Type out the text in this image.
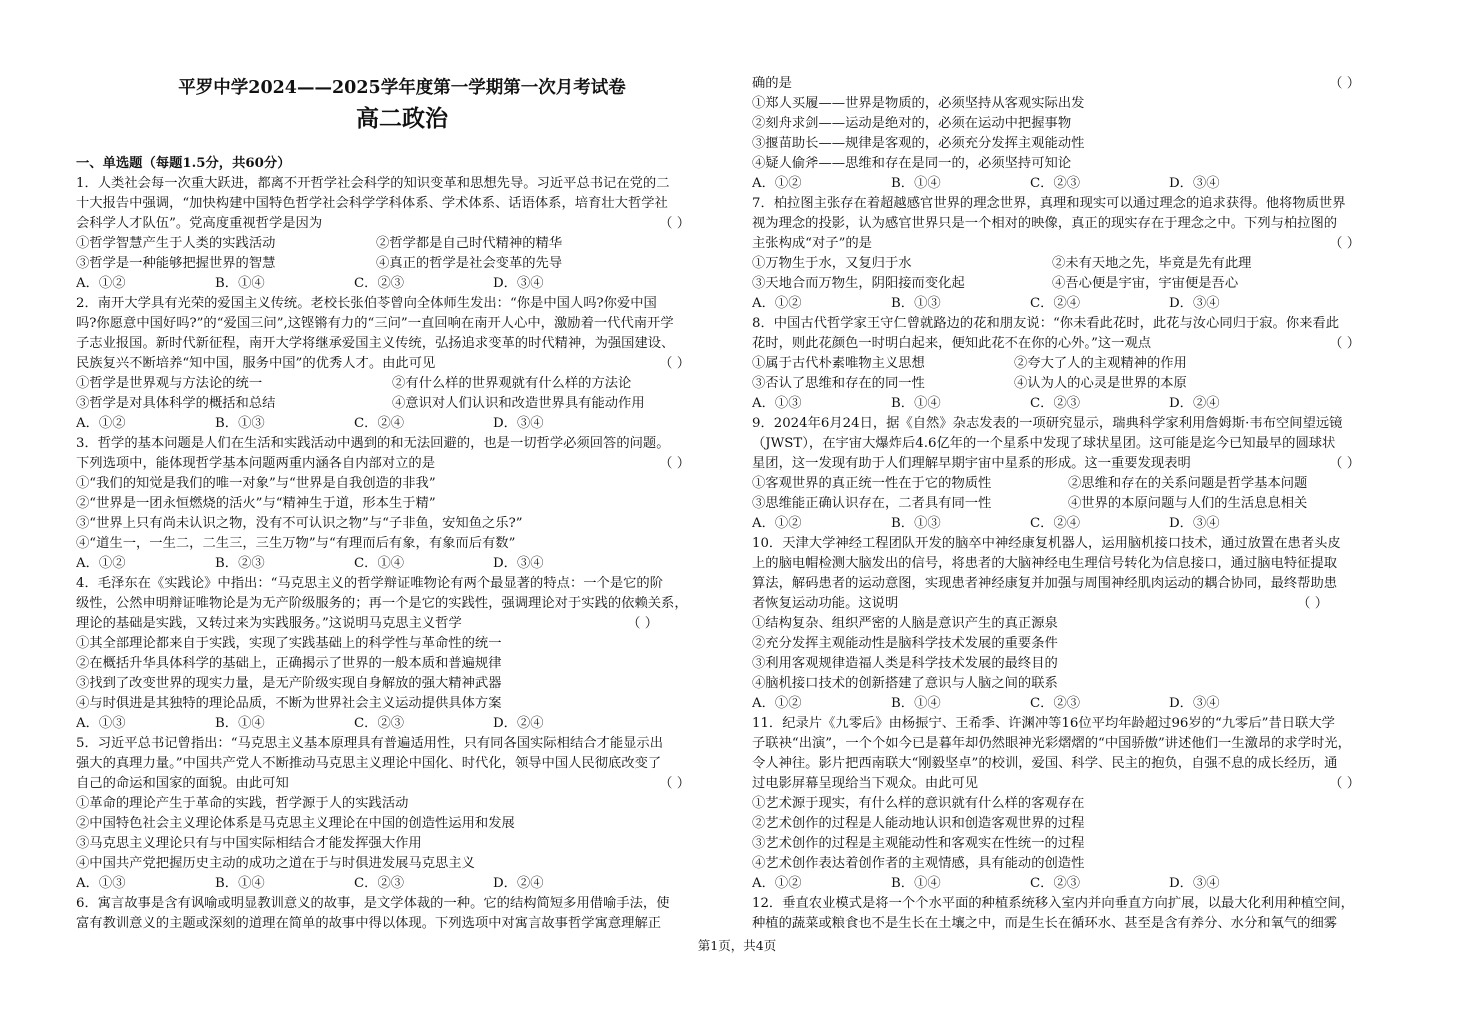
平罗中学2024——2025学年度第一学期第一次月考试卷
高二政治
一、单选题（每题1.5分，共60分）
1．人类社会每一次重大跃进，都离不开哲学社会科学的知识变革和思想先导。习近平总书记在党的二
十大报告中强调，“加快构建中国特色哲学社会科学学科体系、学术体系、话语体系，培育壮大哲学社
会科学人才队伍”。党高度重视哲学是因为	（ ）
①哲学智慧产生于人类的实践活动	②哲学都是自己时代精神的精华
③哲学是一种能够把握世界的智慧	④真正的哲学是社会变革的先导
A．①②	B．①④	C．②③	D．③④
2．南开大学具有光荣的爱国主义传统。老校长张伯苓曾向全体师生发出：“你是中国人吗?你爱中国
吗?你愿意中国好吗?”的“爱国三问”,这铿锵有力的“三问”一直回响在南开人心中，激励着一代代南开学
子志业报国。新时代新征程，南开大学将继承爱国主义传统，弘扬追求变革的时代精神，为强国建设、
民族复兴不断培养“知中国，服务中国”的优秀人才。由此可见	（ ）
①哲学是世界观与方法论的统一	②有什么样的世界观就有什么样的方法论
③哲学是对具体科学的概括和总结	④意识对人们认识和改造世界具有能动作用
A．①②	B．①③	C．②④	D．③④
3．哲学的基本问题是人们在生活和实践活动中遇到的和无法回避的，也是一切哲学必须回答的问题。
下列选项中，能体现哲学基本问题两重内涵各自内部对立的是	（ ）
①“我们的知觉是我们的唯一对象”与“世界是自我创造的非我”
②“世界是一团永恒燃烧的活火”与“精神生于道，形本生于精”
③“世界上只有尚未认识之物，没有不可认识之物”与“子非鱼，安知鱼之乐?”
④“道生一，一生二，二生三，三生万物”与“有理而后有象，有象而后有数”
A．①②	B．②③	C．①④	D．③④
4．毛泽东在《实践论》中指出：“马克思主义的哲学辩证唯物论有两个最显著的特点：一个是它的阶
级性，公然申明辩证唯物论是为无产阶级服务的；再一个是它的实践性，强调理论对于实践的依赖关系，
理论的基础是实践，又转过来为实践服务。”这说明马克思主义哲学	（ ）
①其全部理论都来自于实践，实现了实践基础上的科学性与革命性的统一
②在概括升华具体科学的基础上，正确揭示了世界的一般本质和普遍规律
③找到了改变世界的现实力量，是无产阶级实现自身解放的强大精神武器
④与时俱进是其独特的理论品质，不断为世界社会主义运动提供具体方案
A．①③	B．①④	C．②③	D．②④
5．习近平总书记曾指出：“马克思主义基本原理具有普遍适用性，只有同各国实际相结合才能显示出
强大的真理力量。”中国共产党人不断推动马克思主义理论中国化、时代化，领导中国人民彻底改变了
自己的命运和国家的面貌。由此可知	（ ）
①革命的理论产生于革命的实践，哲学源于人的实践活动
②中国特色社会主义理论体系是马克思主义理论在中国的创造性运用和发展
③马克思主义理论只有与中国实际相结合才能发挥强大作用
④中国共产党把握历史主动的成功之道在于与时俱进发展马克思主义
A．①③	B．①④	C．②③	D．②④
6．寓言故事是含有讽喻或明显教训意义的故事，是文学体裁的一种。它的结构简短多用借喻手法，使
富有教训意义的主题或深刻的道理在简单的故事中得以体现。下列选项中对寓言故事哲学寓意理解正
确的是	（ ）
①郑人买履——世界是物质的，必须坚持从客观实际出发
②刻舟求剑——运动是绝对的，必须在运动中把握事物
③揠苗助长——规律是客观的，必须充分发挥主观能动性
④疑人偷斧——思维和存在是同一的，必须坚持可知论
A．①②	B．①④	C．②③	D．③④
7．柏拉图主张存在着超越感官世界的理念世界，真理和现实可以通过理念的追求获得。他将物质世界
视为理念的投影，认为感官世界只是一个相对的映像，真正的现实存在于理念之中。下列与柏拉图的
主张构成“对子”的是	（ ）
①万物生于水，又复归于水	②未有天地之先，毕竟是先有此理
③天地合而万物生，阴阳接而变化起	④吾心便是宇宙，宇宙便是吾心
A．①②	B．①③	C．②④	D．③④
8．中国古代哲学家王守仁曾就路边的花和朋友说：“你未看此花时，此花与汝心同归于寂。你来看此
花时，则此花颜色一时明白起来，便知此花不在你的心外。”这一观点	（ ）
①属于古代朴素唯物主义思想	②夸大了人的主观精神的作用
③否认了思维和存在的同一性	④认为人的心灵是世界的本原
A．①③	B．①④	C．②③	D．②④
9．2024年6月24日，据《自然》杂志发表的一项研究显示，瑞典科学家利用詹姆斯·韦布空间望远镜
（JWST），在宇宙大爆炸后4.6亿年的一个星系中发现了球状星团。这可能是迄今已知最早的圆球状
星团，这一发现有助于人们理解早期宇宙中星系的形成。这一重要发现表明	（ ）
①客观世界的真正统一性在于它的物质性	②思维和存在的关系问题是哲学基本问题
③思维能正确认识存在，二者具有同一性	④世界的本原问题与人们的生活息息相关
A．①②	B．①③	C．②④	D．③④
10．天津大学神经工程团队开发的脑卒中神经康复机器人，运用脑机接口技术，通过放置在患者头皮
上的脑电帽检测大脑发出的信号，将患者的大脑神经电生理信号转化为信息接口，通过脑电特征提取
算法，解码患者的运动意图，实现患者神经康复并加强与周围神经肌肉运动的耦合协同，最终帮助患
者恢复运动功能。这说明	（ ）
①结构复杂、组织严密的人脑是意识产生的真正源泉
②充分发挥主观能动性是脑科学技术发展的重要条件
③利用客观规律造福人类是科学技术发展的最终目的
④脑机接口技术的创新搭建了意识与人脑之间的联系
A．①②	B．①④	C．②③	D．③④
11．纪录片《九零后》由杨振宁、王希季、许渊冲等16位平均年龄超过96岁的“九零后”昔日联大学
子联袂“出演”，一个个如今已是暮年却仍然眼神光彩熠熠的“中国骄傲”讲述他们一生激昂的求学时光，
令人神往。影片把西南联大“刚毅坚卓”的校训，爱国、科学、民主的抱负，自强不息的成长经历，通
过电影屏幕呈现给当下观众。由此可见	（ ）
①艺术源于现实，有什么样的意识就有什么样的客观存在
②艺术创作的过程是人能动地认识和创造客观世界的过程
③艺术创作的过程是主观能动性和客观实在性统一的过程
④艺术创作表达着创作者的主观情感，具有能动的创造性
A．①②	B．①④	C．②③	D．③④
12．垂直农业模式是将一个个水平面的种植系统移入室内并向垂直方向扩展，以最大化利用种植空间，
种植的蔬菜或粮食也不是生长在土壤之中，而是生长在循环水、甚至是含有养分、水分和氧气的细雾
第1页，共4页
